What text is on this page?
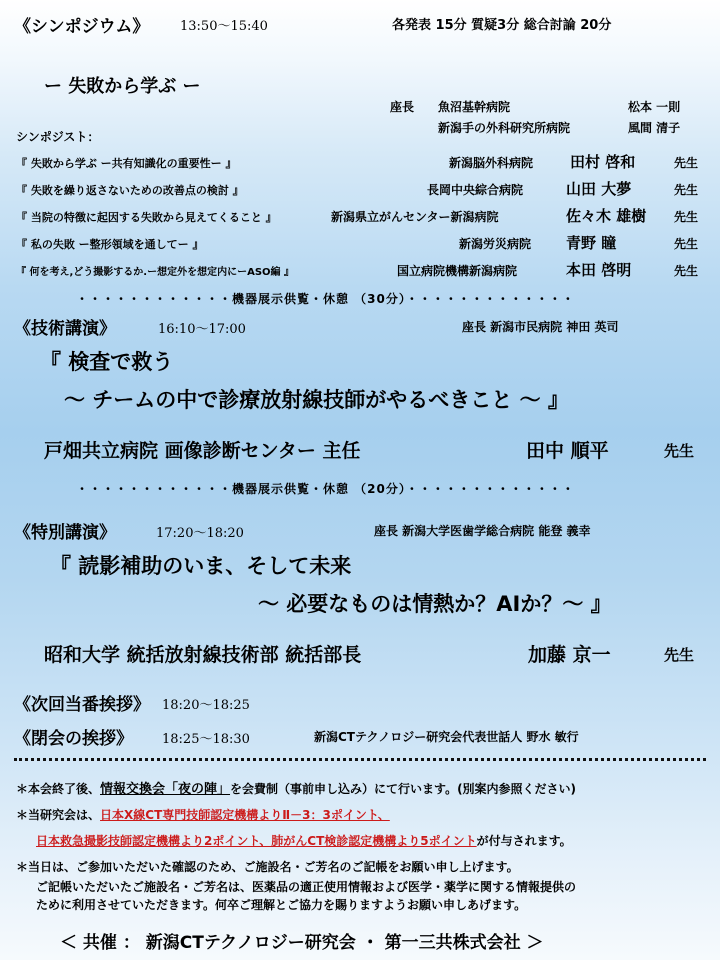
《シンポジウム》 13:50〜15:40	各発表 15分 質疑3分 総合討論 20分
ー 失敗から学ぶ ー
座長 魚沼基幹病院	松本 一則
新潟手の外科研究所病院	風間 清子
シンポジスト：
『 失敗から学ぶ ー共有知識化の重要性ー 』	新潟脳外科病院 田村 啓和	先生
『 失敗を繰り返さないための改善点の検討 』	長岡中央綜合病院	山田 大夢	先生
『 当院の特徴に起因する失敗から見えてくること 』	新潟県立がんセンター新潟病院	佐々木 雄樹 先生
『 私の失敗 ー整形領域を通してー 』	新潟労災病院 青野 瞳	先生
『 何を考え,どう撮影するか.ー想定外を想定内にーASO編 』	国立病院機構新潟病院	本田 啓明	先生
・・・・・・・・・・・・機器展示供覧・休憩 （30分）・・・・・・・・・・・・・
《技術講演》	16:10〜17:00	座長 新潟市民病院 神田 英司
『 検査で救う
〜 チームの中で診療放射線技師がやるべきこと 〜 』
戸畑共立病院 画像診断センター 主任	田中 順平	先生
・・・・・・・・・・・・機器展示供覧・休憩 （20分）・・・・・・・・・・・・・
《特別講演》	17:20〜18:20	座長 新潟大学医歯学総合病院 能登 義幸
『 読影補助のいま、そして未来
〜 必要なものは情熱か？AIか？〜 』
昭和大学 統括放射線技術部 統括部長	加藤 京一	先生
《次回当番挨拶》 18:20〜18:25
《閉会の挨拶》 18:25〜18:30	新潟CTテクノロジー研究会代表世話人 野水 敏行
＊本会終了後、情報交換会「夜の陣」を会費制（事前申し込み）にて行います。(別案内参照ください)
＊当研究会は、日本X線CT専門技師認定機構よりⅡ－3：3ポイント、
日本救急撮影技師認定機構より2ポイント、肺がんCT検診認定機構より5ポイントが付与されます。
＊当日は、ご参加いただいた確認のため、ご施設名・ご芳名のご記帳をお願い申し上げます。
ご記帳いただいたご施設名・ご芳名は、医薬品の適正使用情報および医学・薬学に関する情報提供の
ために利用させていただきます。何卒ご理解とご協力を賜りますようお願い申しあげます。
＜ 共催 ： 新潟CTテクノロジー研究会 ・ 第一三共株式会社 ＞
